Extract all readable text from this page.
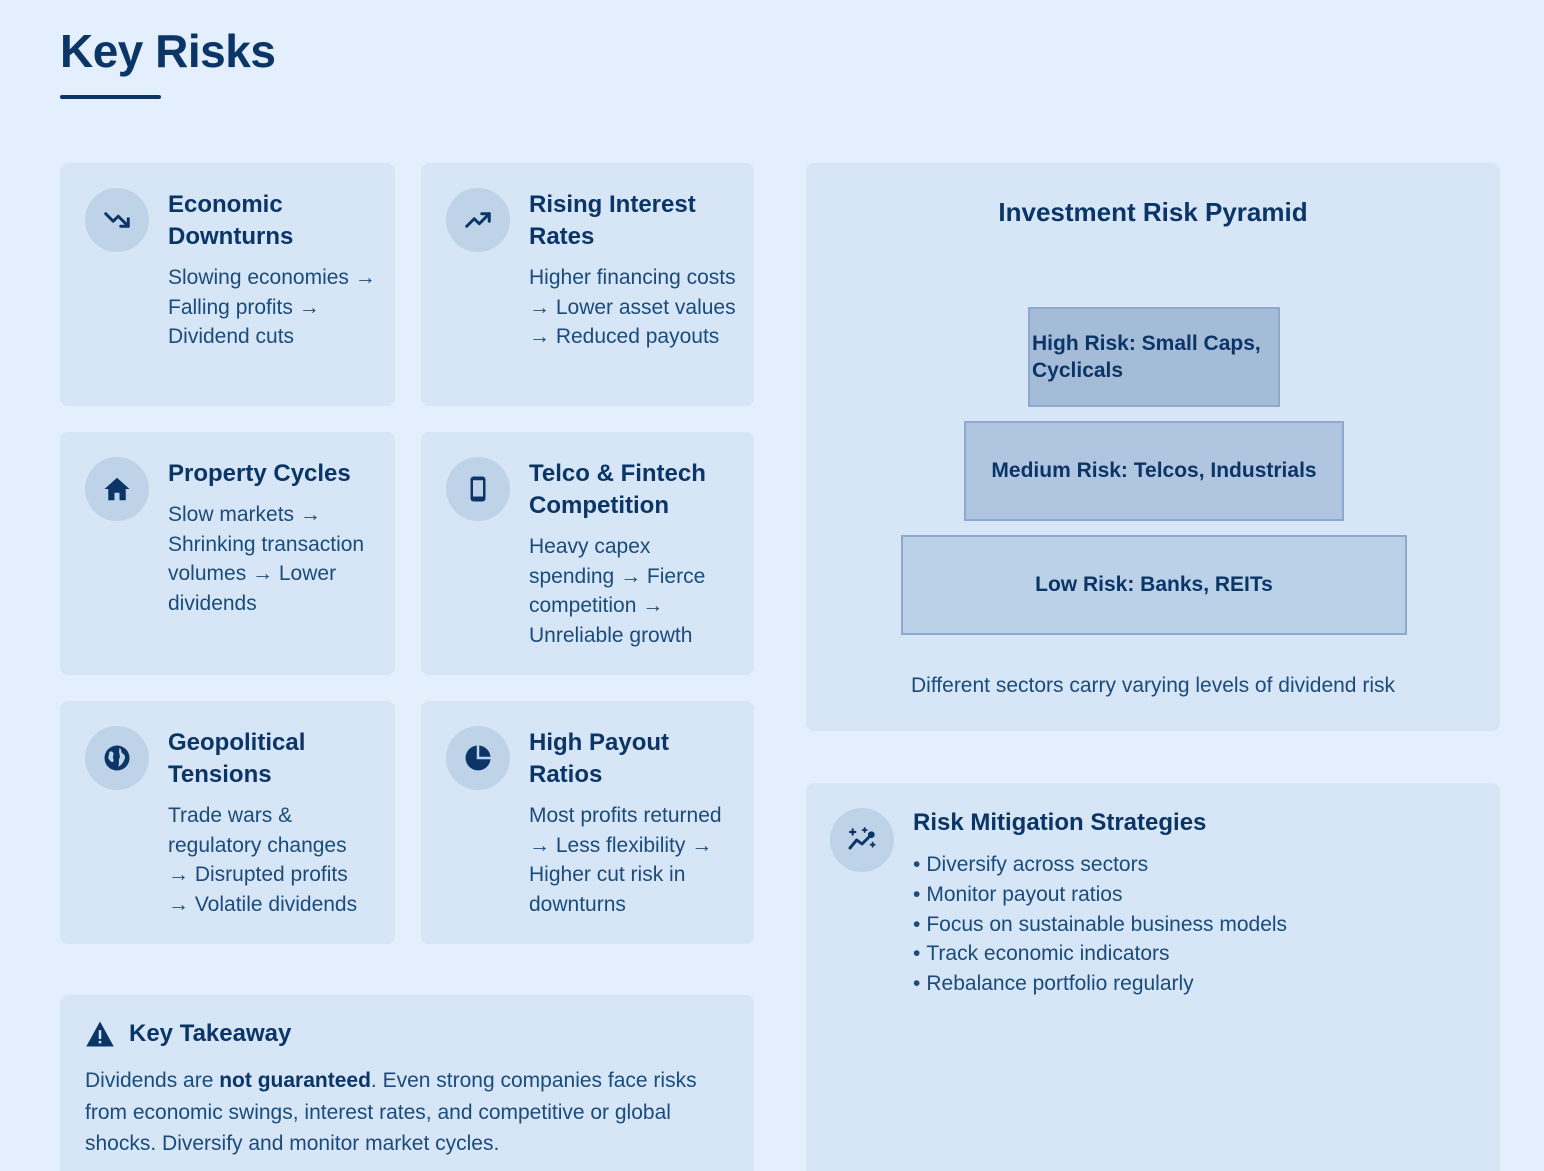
Key Risks
Economic Downturns
Slowing economies → Falling profits → Dividend cuts
Rising Interest Rates
Higher financing costs → Lower asset values → Reduced payouts
Property Cycles
Slow markets → Shrinking transaction volumes → Lower dividends
Telco & Fintech Competition
Heavy capex spending → Fierce competition → Unreliable growth
Geopolitical Tensions
Trade wars & regulatory changes → Disrupted profits → Volatile dividends
High Payout Ratios
Most profits returned → Less flexibility → Higher cut risk in downturns
Key Takeaway

Dividends are not guaranteed. Even strong companies face risks from economic swings, interest rates, and competitive or global shocks. Diversify and monitor market cycles.

Investment Risk Pyramid
High Risk: Small Caps, Cyclicals
Medium Risk: Telcos, Industrials
Low Risk: Banks, REITs
Different sectors carry varying levels of dividend risk
Risk Mitigation Strategies
• Diversify across sectors
• Monitor payout ratios
• Focus on sustainable business models
• Track economic indicators
• Rebalance portfolio regularly
